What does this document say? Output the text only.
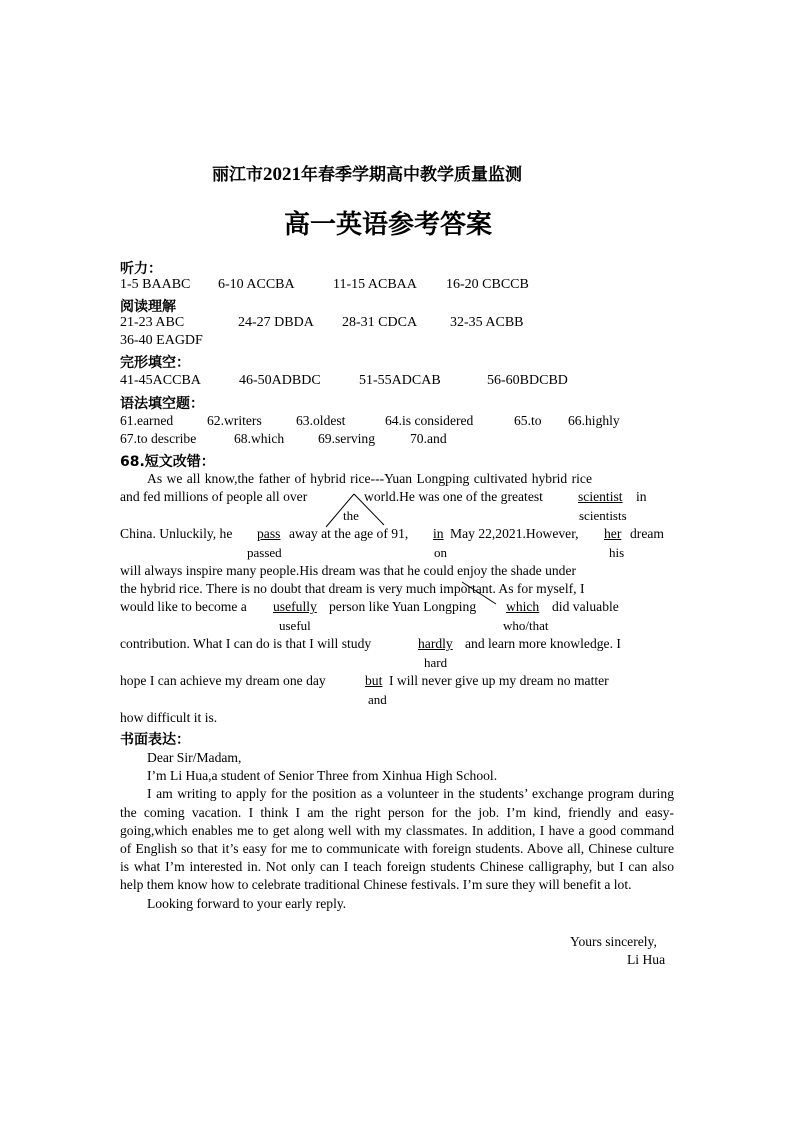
丽江市2021年春季学期高中教学质量监测
高一英语参考答案
听力：
1-5 BAABC 6-10 ACCBA	11-15 ACBAA 16-20 CBCCB
阅读理解
21-23 ABC	24-27 DBDA 28-31 CDCA 32-35 ACBB
36-40 EAGDF
完形填空：
41-45ACCBA	46-50ADBDC	51-55ADCAB	56-60BDCBD
语法填空题：
61.earned 62.writers	63.oldest	64.is considered	65.to 66.highly
67.to describe	68.which 69.serving	70.and
68.短文改错：
As we all know,the father of hybrid rice---Yuan Longping cultivated hybrid rice
and fed millions of people all over	world.He was one of the greatest	scientist in
the	scientists
China. Unluckily, he pass away at the age of 91, in May 22,2021.However, her dream
passed	on	his
will always inspire many people.His dream was that he could enjoy the shade under
the hybrid rice. There is no doubt that dream is very much important. As for myself, I
would like to become a usefully person like Yuan Longping which did valuable
useful	who/that
contribution. What I can do is that I will study	hardly and learn more knowledge. I
hard
hope I can achieve my dream one day	but I will never give up my dream no matter
and
how difficult it is.
书面表达：

Dear Sir/Madam,

I’m Li Hua,a student of Senior Three from Xinhua High School.

I am writing to apply for the position as a volunteer in the students’ exchange program during the coming vacation. I think I am the right person for the job. I’m kind, friendly and easy-going,which enables me to get along well with my classmates. In addition, I have a good command of English so that it’s easy for me to communicate with foreign students. Above all, Chinese culture is what I’m interested in. Not only can I teach foreign students Chinese calligraphy, but I can also help them know how to celebrate traditional Chinese festivals. I’m sure they will benefit a lot.

Looking forward to your early reply.

Yours sincerely,
Li Hua
